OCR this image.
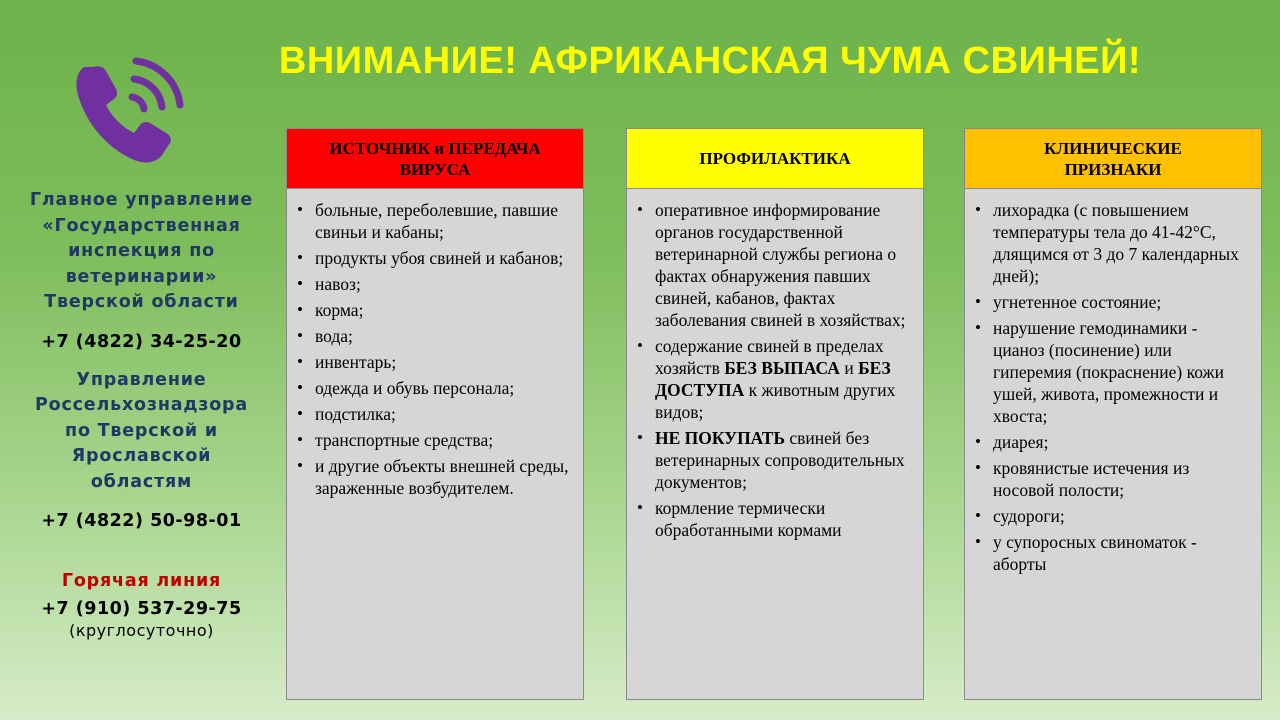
ВНИМАНИЕ! АФРИКАНСКАЯ ЧУМА СВИНЕЙ!
Главное управление
«Государственная
инспекция по
ветеринарии»
Тверской области
+7 (4822) 34-25-20
Управление
Россельхознадзора
по Тверской и
Ярославской
областям
+7 (4822) 50-98-01
Горячая линия
+7 (910) 537-29-75
(круглосуточно)
ИСТОЧНИК и ПЕРЕДАЧА
ВИРУСА
• больные, переболевшие, павшие свиньи и кабаны;
• продукты убоя свиней и кабанов;
• навоз;
• корма;
• вода;
• инвентарь;
• одежда и обувь персонала;
• подстилка;
• транспортные средства;
• и другие объекты внешней среды, зараженные возбудителем.
ПРОФИЛАКТИКА
• оперативное информирование органов государственной ветеринарной службы региона о фактах обнаружения павших свиней, кабанов, фактах заболевания свиней в хозяйствах;
• содержание свиней в пределах хозяйств БЕЗ ВЫПАСА и БЕЗ ДОСТУПА к животным других видов;
• НЕ ПОКУПАТЬ свиней без ветеринарных сопроводительных документов;
• кормление термически обработанными кормами
КЛИНИЧЕСКИЕ
ПРИЗНАКИ
• лихорадка (с повышением температуры тела до 41-42°С, длящимся от 3 до 7 календарных дней);
• угнетенное состояние;
• нарушение гемодинамики - цианоз (посинение) или гиперемия (покраснение) кожи ушей, живота, промежности и хвоста;
• диарея;
• кровянистые истечения из носовой полости;
• судороги;
• у супоросных свиноматок - аборты
